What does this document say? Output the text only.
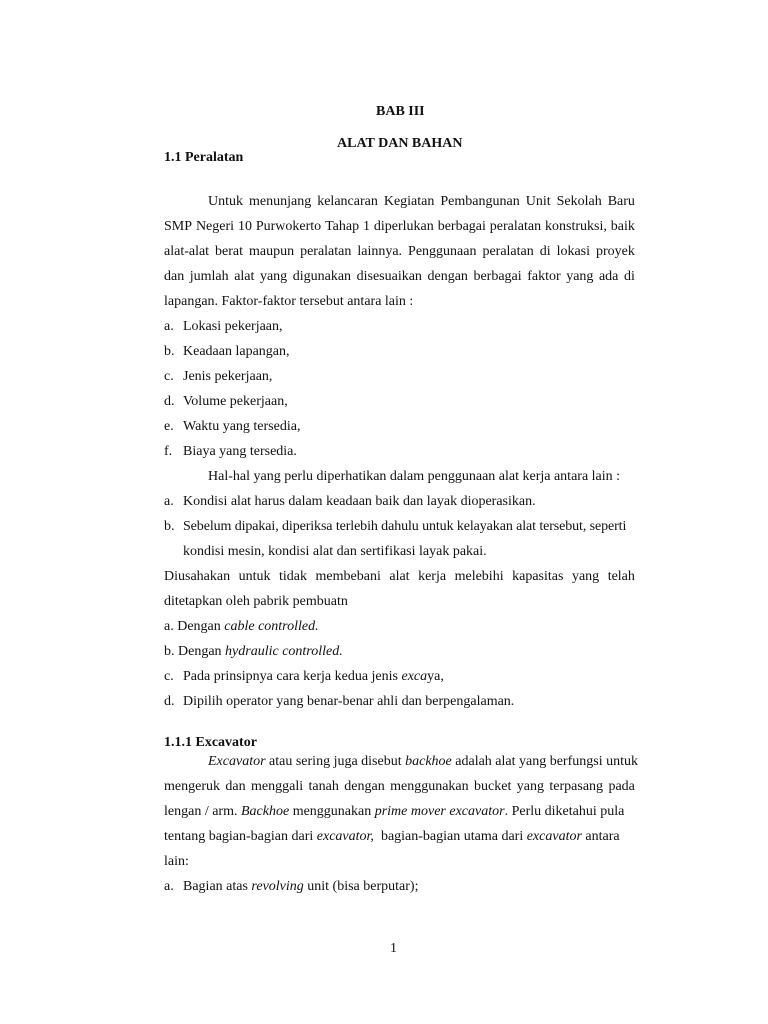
BAB III
ALAT DAN BAHAN
1.1 Peralatan
Untuk menunjang kelancaran Kegiatan Pembangunan Unit Sekolah Baru
SMP Negeri 10 Purwokerto Tahap 1 diperlukan berbagai peralatan konstruksi, baik
alat-alat berat maupun peralatan lainnya. Penggunaan peralatan di lokasi proyek
dan jumlah alat yang digunakan disesuaikan dengan berbagai faktor yang ada di
lapangan. Faktor-faktor tersebut antara lain :
a. Lokasi pekerjaan,
b. Keadaan lapangan,
c. Jenis pekerjaan,
d. Volume pekerjaan,
e. Waktu yang tersedia,
f. Biaya yang tersedia.
Hal-hal yang perlu diperhatikan dalam penggunaan alat kerja antara lain :
a. Kondisi alat harus dalam keadaan baik dan layak dioperasikan.
b. Sebelum dipakai, diperiksa terlebih dahulu untuk kelayakan alat tersebut, seperti
kondisi mesin, kondisi alat dan sertifikasi layak pakai.
Diusahakan untuk tidak membebani alat kerja melebihi kapasitas yang telah
ditetapkan oleh pabrik pembuatn
a. Dengan cable controlled.
b. Dengan hydraulic controlled.
c. Pada prinsipnya cara kerja kedua jenis excaya,
d. Dipilih operator yang benar-benar ahli dan berpengalaman.
1.1.1 Excavator
Excavator atau sering juga disebut backhoe adalah alat yang berfungsi untuk
mengeruk dan menggali tanah dengan menggunakan bucket yang terpasang pada
lengan / arm. Backhoe menggunakan prime mover excavator. Perlu diketahui pula
tentang bagian-bagian dari excavator, bagian-bagian utama dari excavator antara
lain:
a. Bagian atas revolving unit (bisa berputar);
1
